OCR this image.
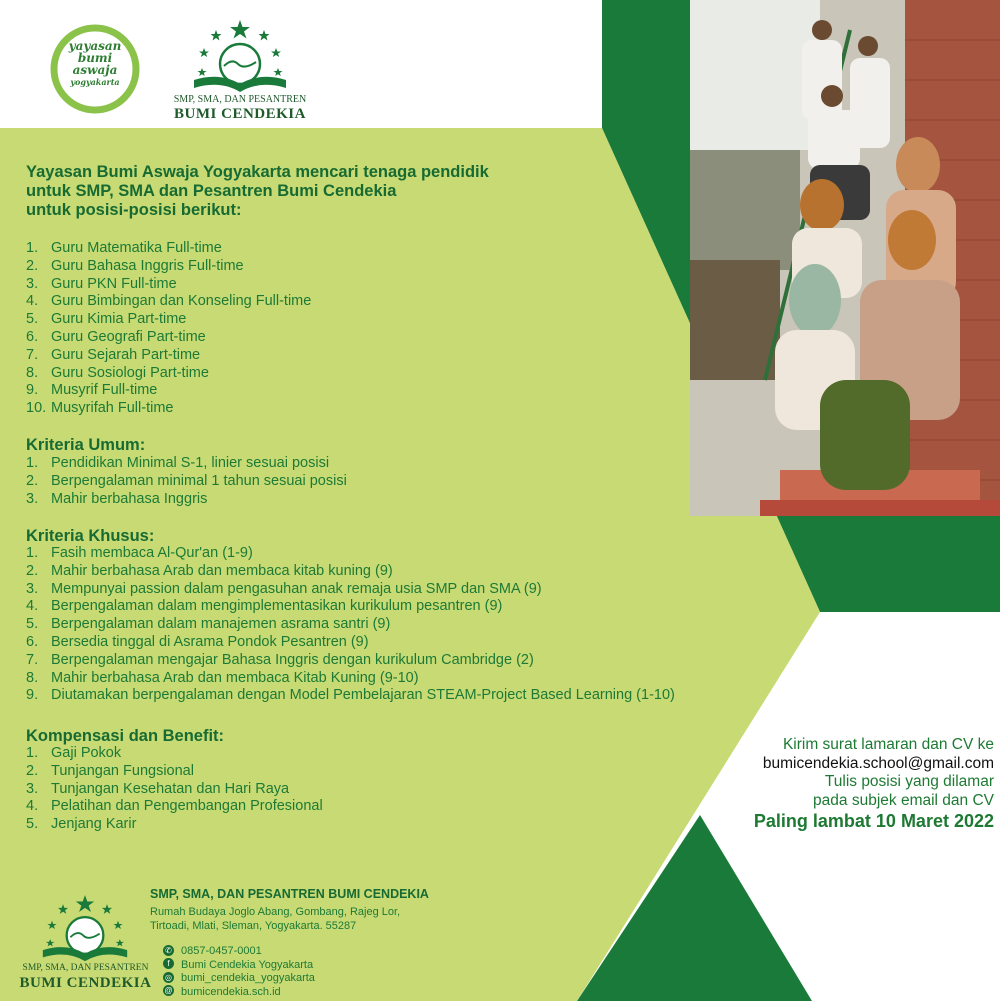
yayasan
bumi
aswaja
yogyakarta
SMP, SMA, DAN PESANTREN
BUMI CENDEKIA
Yayasan Bumi Aswaja Yogyakarta mencari tenaga pendidik
untuk SMP, SMA dan Pesantren Bumi Cendekia
untuk posisi-posisi berikut:
1. Guru Matematika Full-time
2. Guru Bahasa Inggris Full-time
3. Guru PKN Full-time
4. Guru Bimbingan dan Konseling Full-time
5. Guru Kimia Part-time
6. Guru Geografi Part-time
7. Guru Sejarah Part-time
8. Guru Sosiologi Part-time
9. Musyrif Full-time
10. Musyrifah Full-time
Kriteria Umum:
1. Pendidikan Minimal S-1, linier sesuai posisi
2. Berpengalaman minimal 1 tahun sesuai posisi
3. Mahir berbahasa Inggris
Kriteria Khusus:
1. Fasih membaca Al-Qur'an (1-9)
2. Mahir berbahasa Arab dan membaca kitab kuning (9)
3. Mempunyai passion dalam pengasuhan anak remaja usia SMP dan SMA (9)
4. Berpengalaman dalam mengimplementasikan kurikulum pesantren (9)
5. Berpengalaman dalam manajemen asrama santri (9)
6. Bersedia tinggal di Asrama Pondok Pesantren (9)
7. Berpengalaman mengajar Bahasa Inggris dengan kurikulum Cambridge (2)
8. Mahir berbahasa Arab dan membaca Kitab Kuning (9-10)
9. Diutamakan berpengalaman dengan Model Pembelajaran STEAM-Project Based Learning (1-10)
Kompensasi dan Benefit:
1. Gaji Pokok
2. Tunjangan Fungsional
3. Tunjangan Kesehatan dan Hari Raya
4. Pelatihan dan Pengembangan Profesional
5. Jenjang Karir
Kirim surat lamaran dan CV ke
bumicendekia.school@gmail.com
Tulis posisi yang dilamar
pada subjek email dan CV
Paling lambat 10 Maret 2022
SMP, SMA, DAN PESANTREN
BUMI CENDEKIA
SMP, SMA, DAN PESANTREN BUMI CENDEKIA
Rumah Budaya Joglo Abang, Gombang, Rajeg Lor,
Tirtoadi, Mlati, Sleman, Yogyakarta. 55287
✆ 0857-0457-0001
f Bumi Cendekia Yogyakarta
◎ bumi_cendekia_yogyakarta
@ bumicendekia.sch.id
